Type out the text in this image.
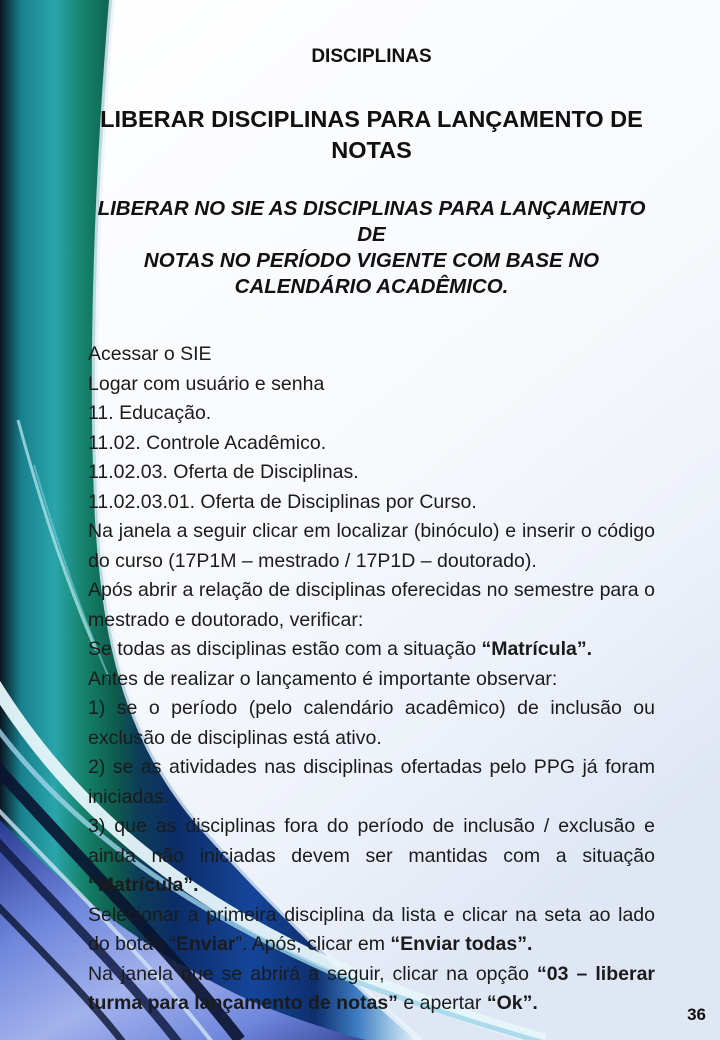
DISCIPLINAS
LIBERAR DISCIPLINAS PARA LANÇAMENTO DE
NOTAS
LIBERAR NO SIE AS DISCIPLINAS PARA LANÇAMENTO DE
NOTAS NO PERÍODO VIGENTE COM BASE NO
CALENDÁRIO ACADÊMICO.

Acessar o SIE

Logar com usuário e senha

11. Educação.

11.02. Controle Acadêmico.

11.02.03. Oferta de Disciplinas.

11.02.03.01. Oferta de Disciplinas por Curso.

Na janela a seguir clicar em localizar (binóculo) e inserir o código do curso (17P1M – mestrado / 17P1D – doutorado).

Após abrir a relação de disciplinas oferecidas no semestre para o mestrado e doutorado, verificar:

Se todas as disciplinas estão com a situação “Matrícula”.

Antes de realizar o lançamento é importante observar:

1) se o período (pelo calendário acadêmico) de inclusão ou exclusão de disciplinas está ativo.

2) se as atividades nas disciplinas ofertadas pelo PPG já foram iniciadas.

3) que as disciplinas fora do período de inclusão / exclusão e ainda não iniciadas devem ser mantidas com a situação “Matrícula”.

Selecionar a primeira disciplina da lista e clicar na seta ao lado do botão “Enviar”. Após, clicar em “Enviar todas”.

Na janela que se abrirá a seguir, clicar na opção “03 – liberar turma para lançamento de notas” e apertar “Ok”.

36
